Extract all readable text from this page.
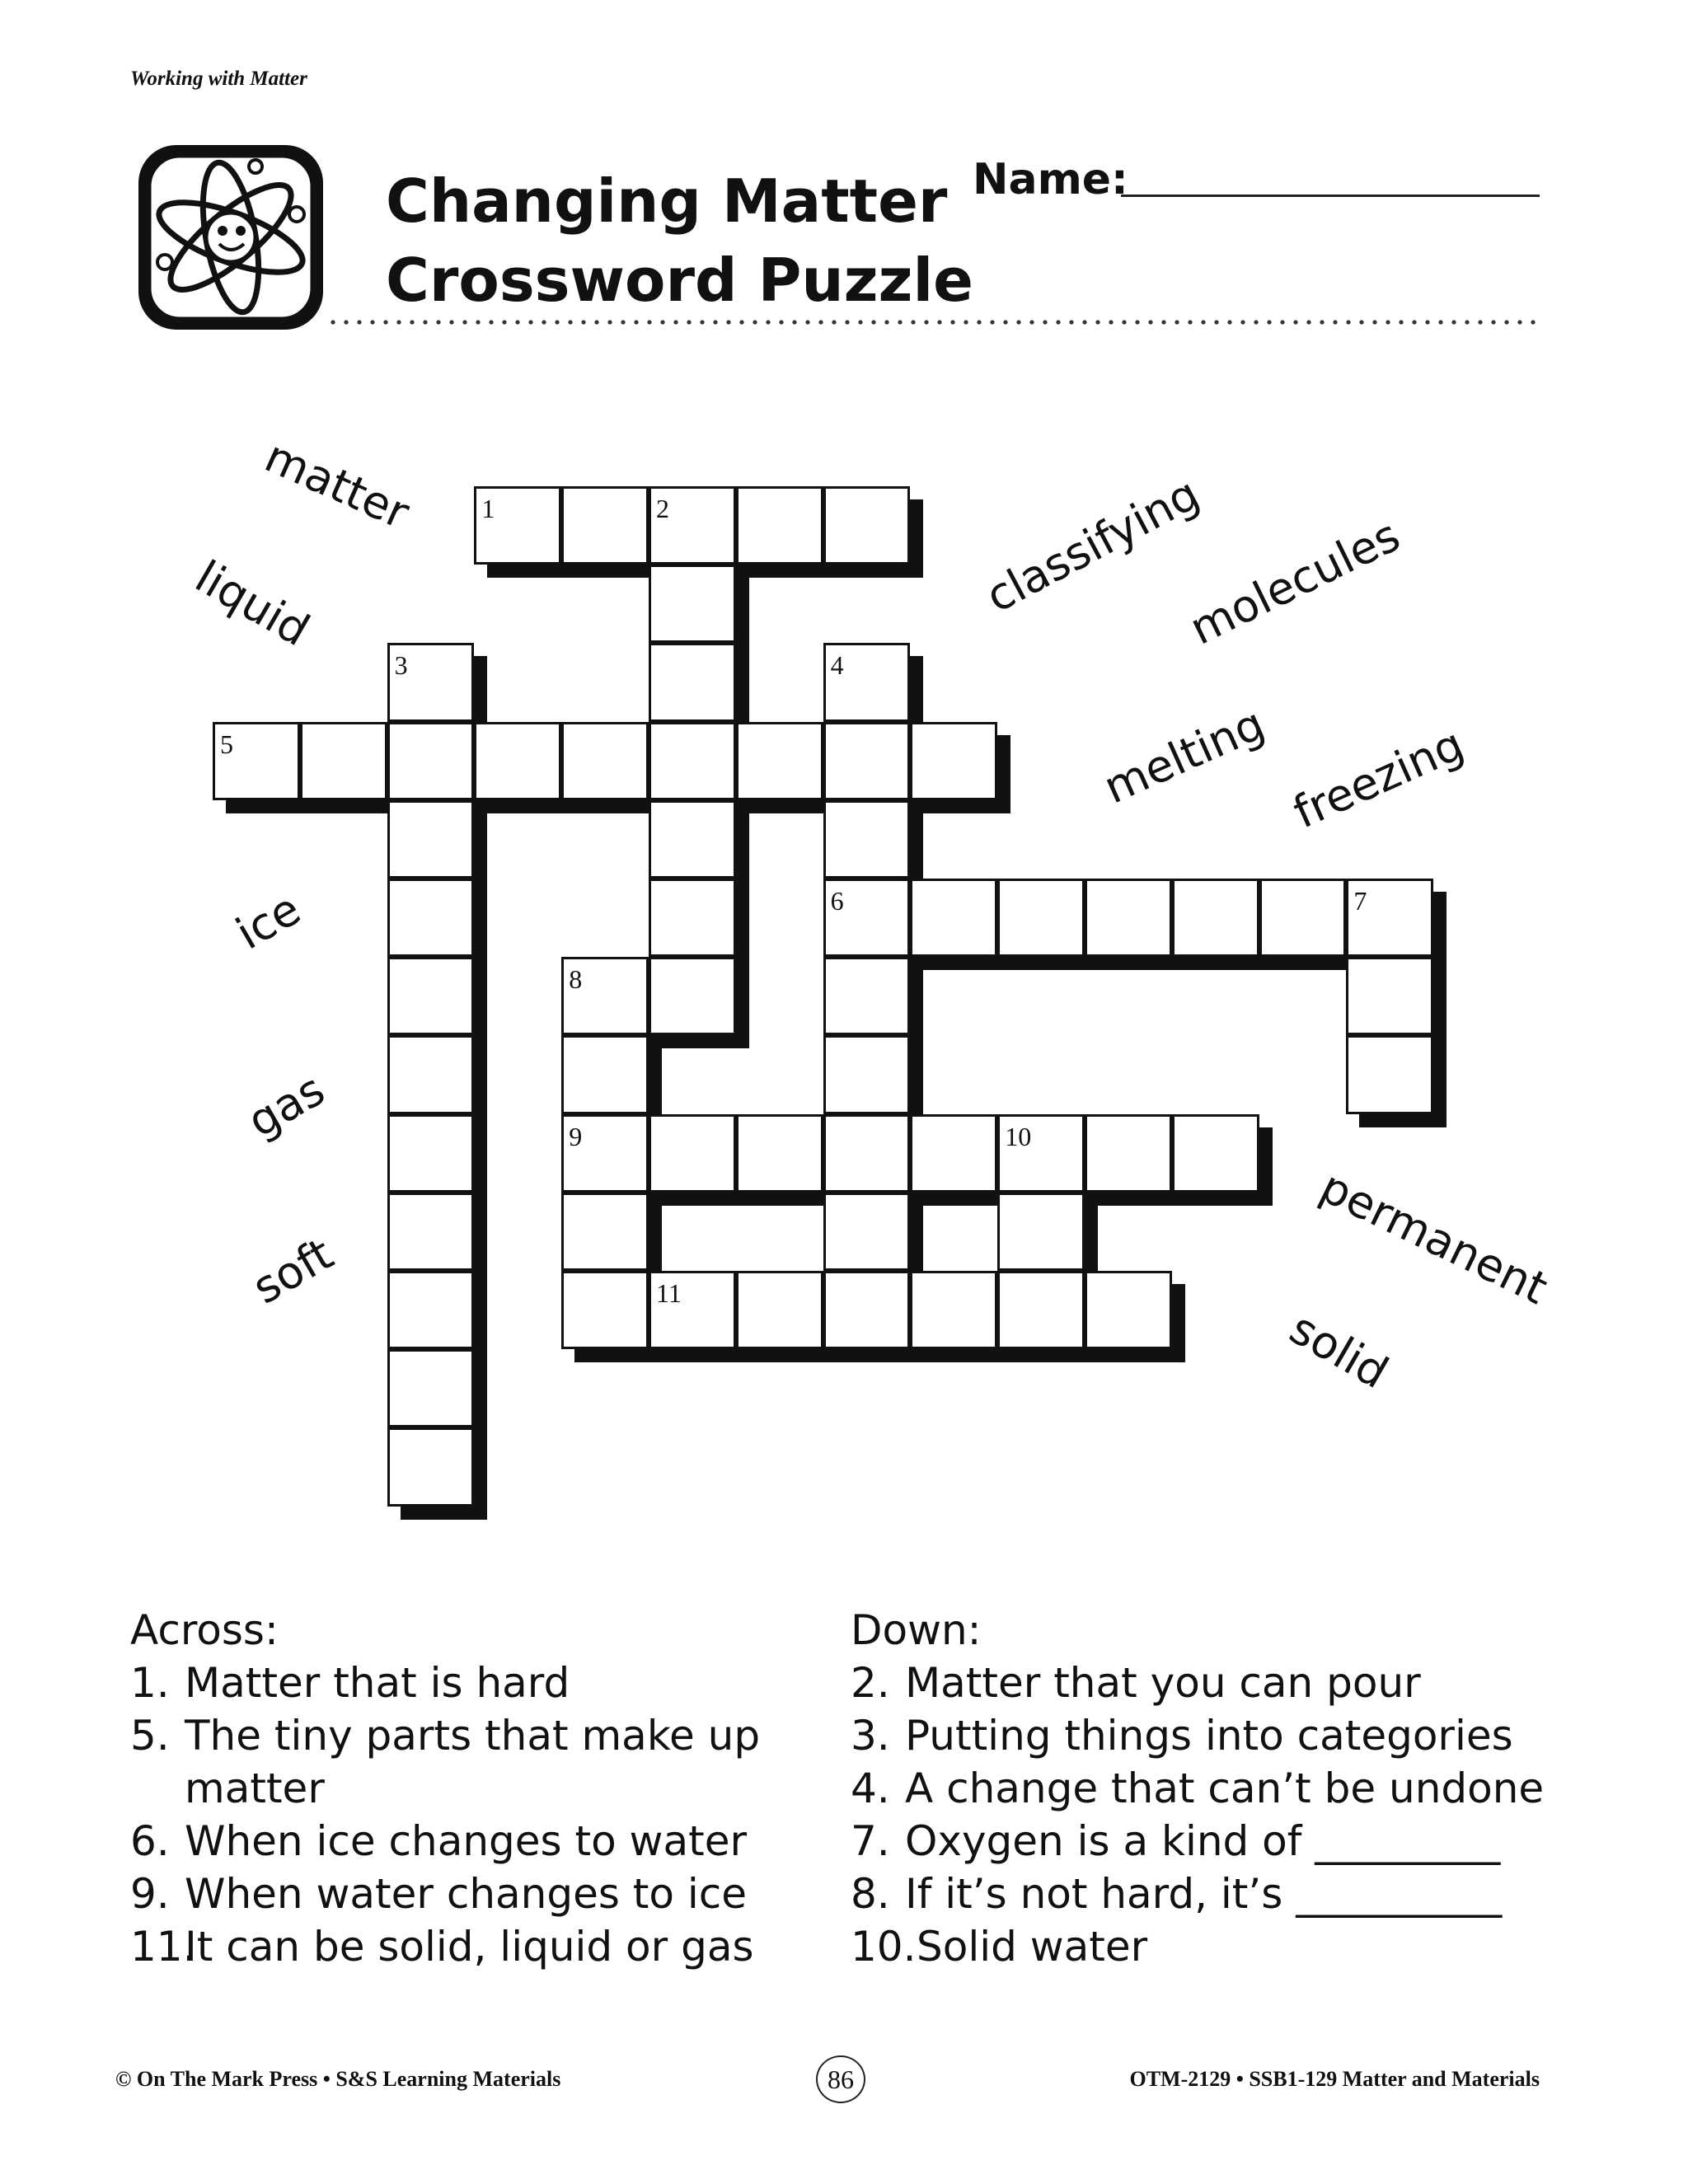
Working with Matter
Changing Matter
Crossword Puzzle
Name:
1	2
3	4
6
5
7
8
9	10
11
matter
liquid	classifying
molecules
melting freezing
ice
gas
soft	permanent
solid
Across:
1. Matter that is hard
5. The tiny parts that make up matter
6. When ice changes to water
9. When water changes to ice
11.
It can be solid, liquid or gas
Down:
2. Matter that you can pour
3. Putting things into categories
4. A change that can’t be undone
7. Oxygen is a kind of _________
8. If it’s not hard, it’s __________
10. Solid water
© On The Mark Press • S&S Learning Materials	86	OTM-2129 • SSB1-129 Matter and Materials
